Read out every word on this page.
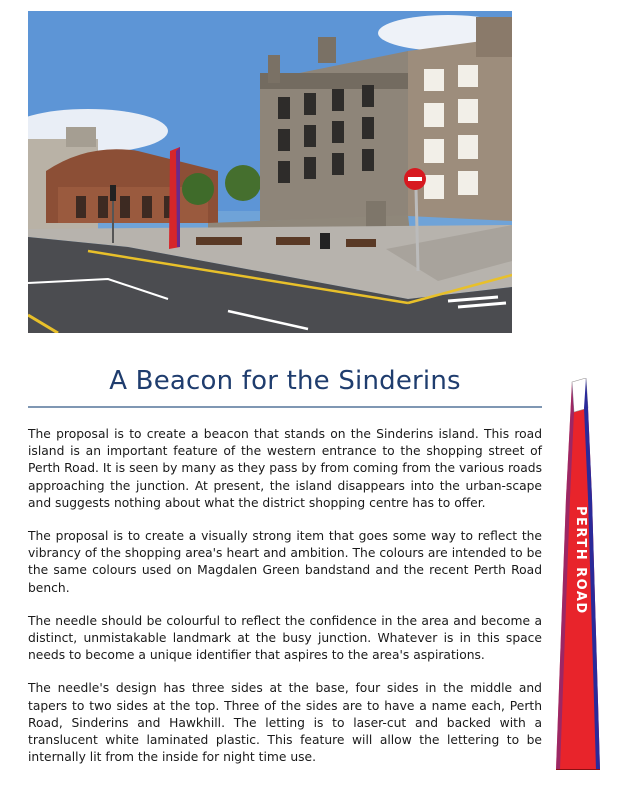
A Beacon for the Sinderins

The proposal is to create a beacon that stands on the Sinderins island. This road island is an important feature of the western entrance to the shopping street of Perth Road. It is seen by many as they pass by from coming from the various roads approaching the junction. At present, the island disappears into the urban-scape and suggests nothing about what the district shopping centre has to offer.

The proposal is to create a visually strong item that goes some way to reflect the vibrancy of the shopping area's heart and ambition. The colours are intended to be the same colours used on Magdalen Green bandstand and the recent Perth Road bench.

The needle should be colourful to reflect the confidence in the area and become a distinct, unmistakable landmark at the busy junction. Whatever is in this space needs to become a unique identifier that aspires to the area's aspirations.

The needle's design has three sides at the base, four sides in the middle and tapers to two sides at the top. Three of the sides are to have a name each, Perth Road, Sinderins and Hawkhill. The letting is to laser-cut and backed with a translucent white laminated plastic. This feature will allow the lettering to be internally lit from the inside for night time use.

PERTH ROAD
